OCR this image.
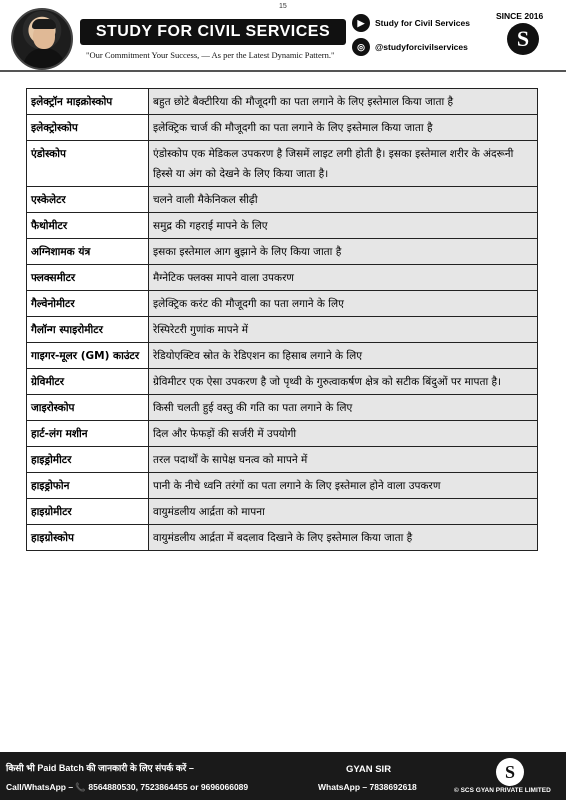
15
STUDY FOR CIVIL SERVICES
"Our Commitment Your Success, — As per the Latest Dynamic Pattern."
▶	Study for Civil Services
◎	@studyforcivilservices
SINCE 2016
S
इलेक्ट्रॉन माइक्रोस्कोप	बहुत छोटे बैक्टीरिया की मौजूदगी का पता लगाने के लिए इस्तेमाल किया जाता है
इलेक्ट्रोस्कोप	इलेक्ट्रिक चार्ज की मौजूदगी का पता लगाने के लिए इस्तेमाल किया जाता है
एंडोस्कोप	एंडोस्कोप एक मेडिकल उपकरण है जिसमें लाइट लगी होती है। इसका इस्तेमाल शरीर के अंदरूनी हिस्से या अंग को देखने के लिए किया जाता है।
एस्केलेटर	चलने वाली मैकेनिकल सीढ़ी
फैथोमीटर	समुद्र की गहराई मापने के लिए
अग्निशामक यंत्र	इसका इस्तेमाल आग बुझाने के लिए किया जाता है
फ्लक्समीटर	मैग्नेटिक फ्लक्स मापने वाला उपकरण
गैल्वेनोमीटर	इलेक्ट्रिक करंट की मौजूदगी का पता लगाने के लिए
गैलॉन्ग स्पाइरोमीटर	रेस्पिरेटरी गुणांक मापने में
गाइगर-मूलर (GM) काउंटर	रेडियोएक्टिव स्रोत के रेडिएशन का हिसाब लगाने के लिए
ग्रेविमीटर	ग्रेविमीटर एक ऐसा उपकरण है जो पृथ्वी के गुरुत्वाकर्षण क्षेत्र को सटीक बिंदुओं पर मापता है।
जाइरोस्कोप	किसी चलती हुई वस्तु की गति का पता लगाने के लिए
हार्ट-लंग मशीन	दिल और फेफड़ों की सर्जरी में उपयोगी
हाइड्रोमीटर	तरल पदार्थों के सापेक्ष घनत्व को मापने में
हाइड्रोफोन	पानी के नीचे ध्वनि तरंगों का पता लगाने के लिए इस्तेमाल होने वाला उपकरण
हाइग्रोमीटर	वायुमंडलीय आर्द्रता को मापना
हाइग्रोस्कोप	वायुमंडलीय आर्द्रता में बदलाव दिखाने के लिए इस्तेमाल किया जाता है
किसी भी Paid Batch की जानकारी के लिए संपर्क करें –
Call/WhatsApp – 📞 8564880530, 7523864455 or 9696066089
GYAN SIR
WhatsApp – 7838692618
S
© SCS GYAN PRIVATE LIMITED
